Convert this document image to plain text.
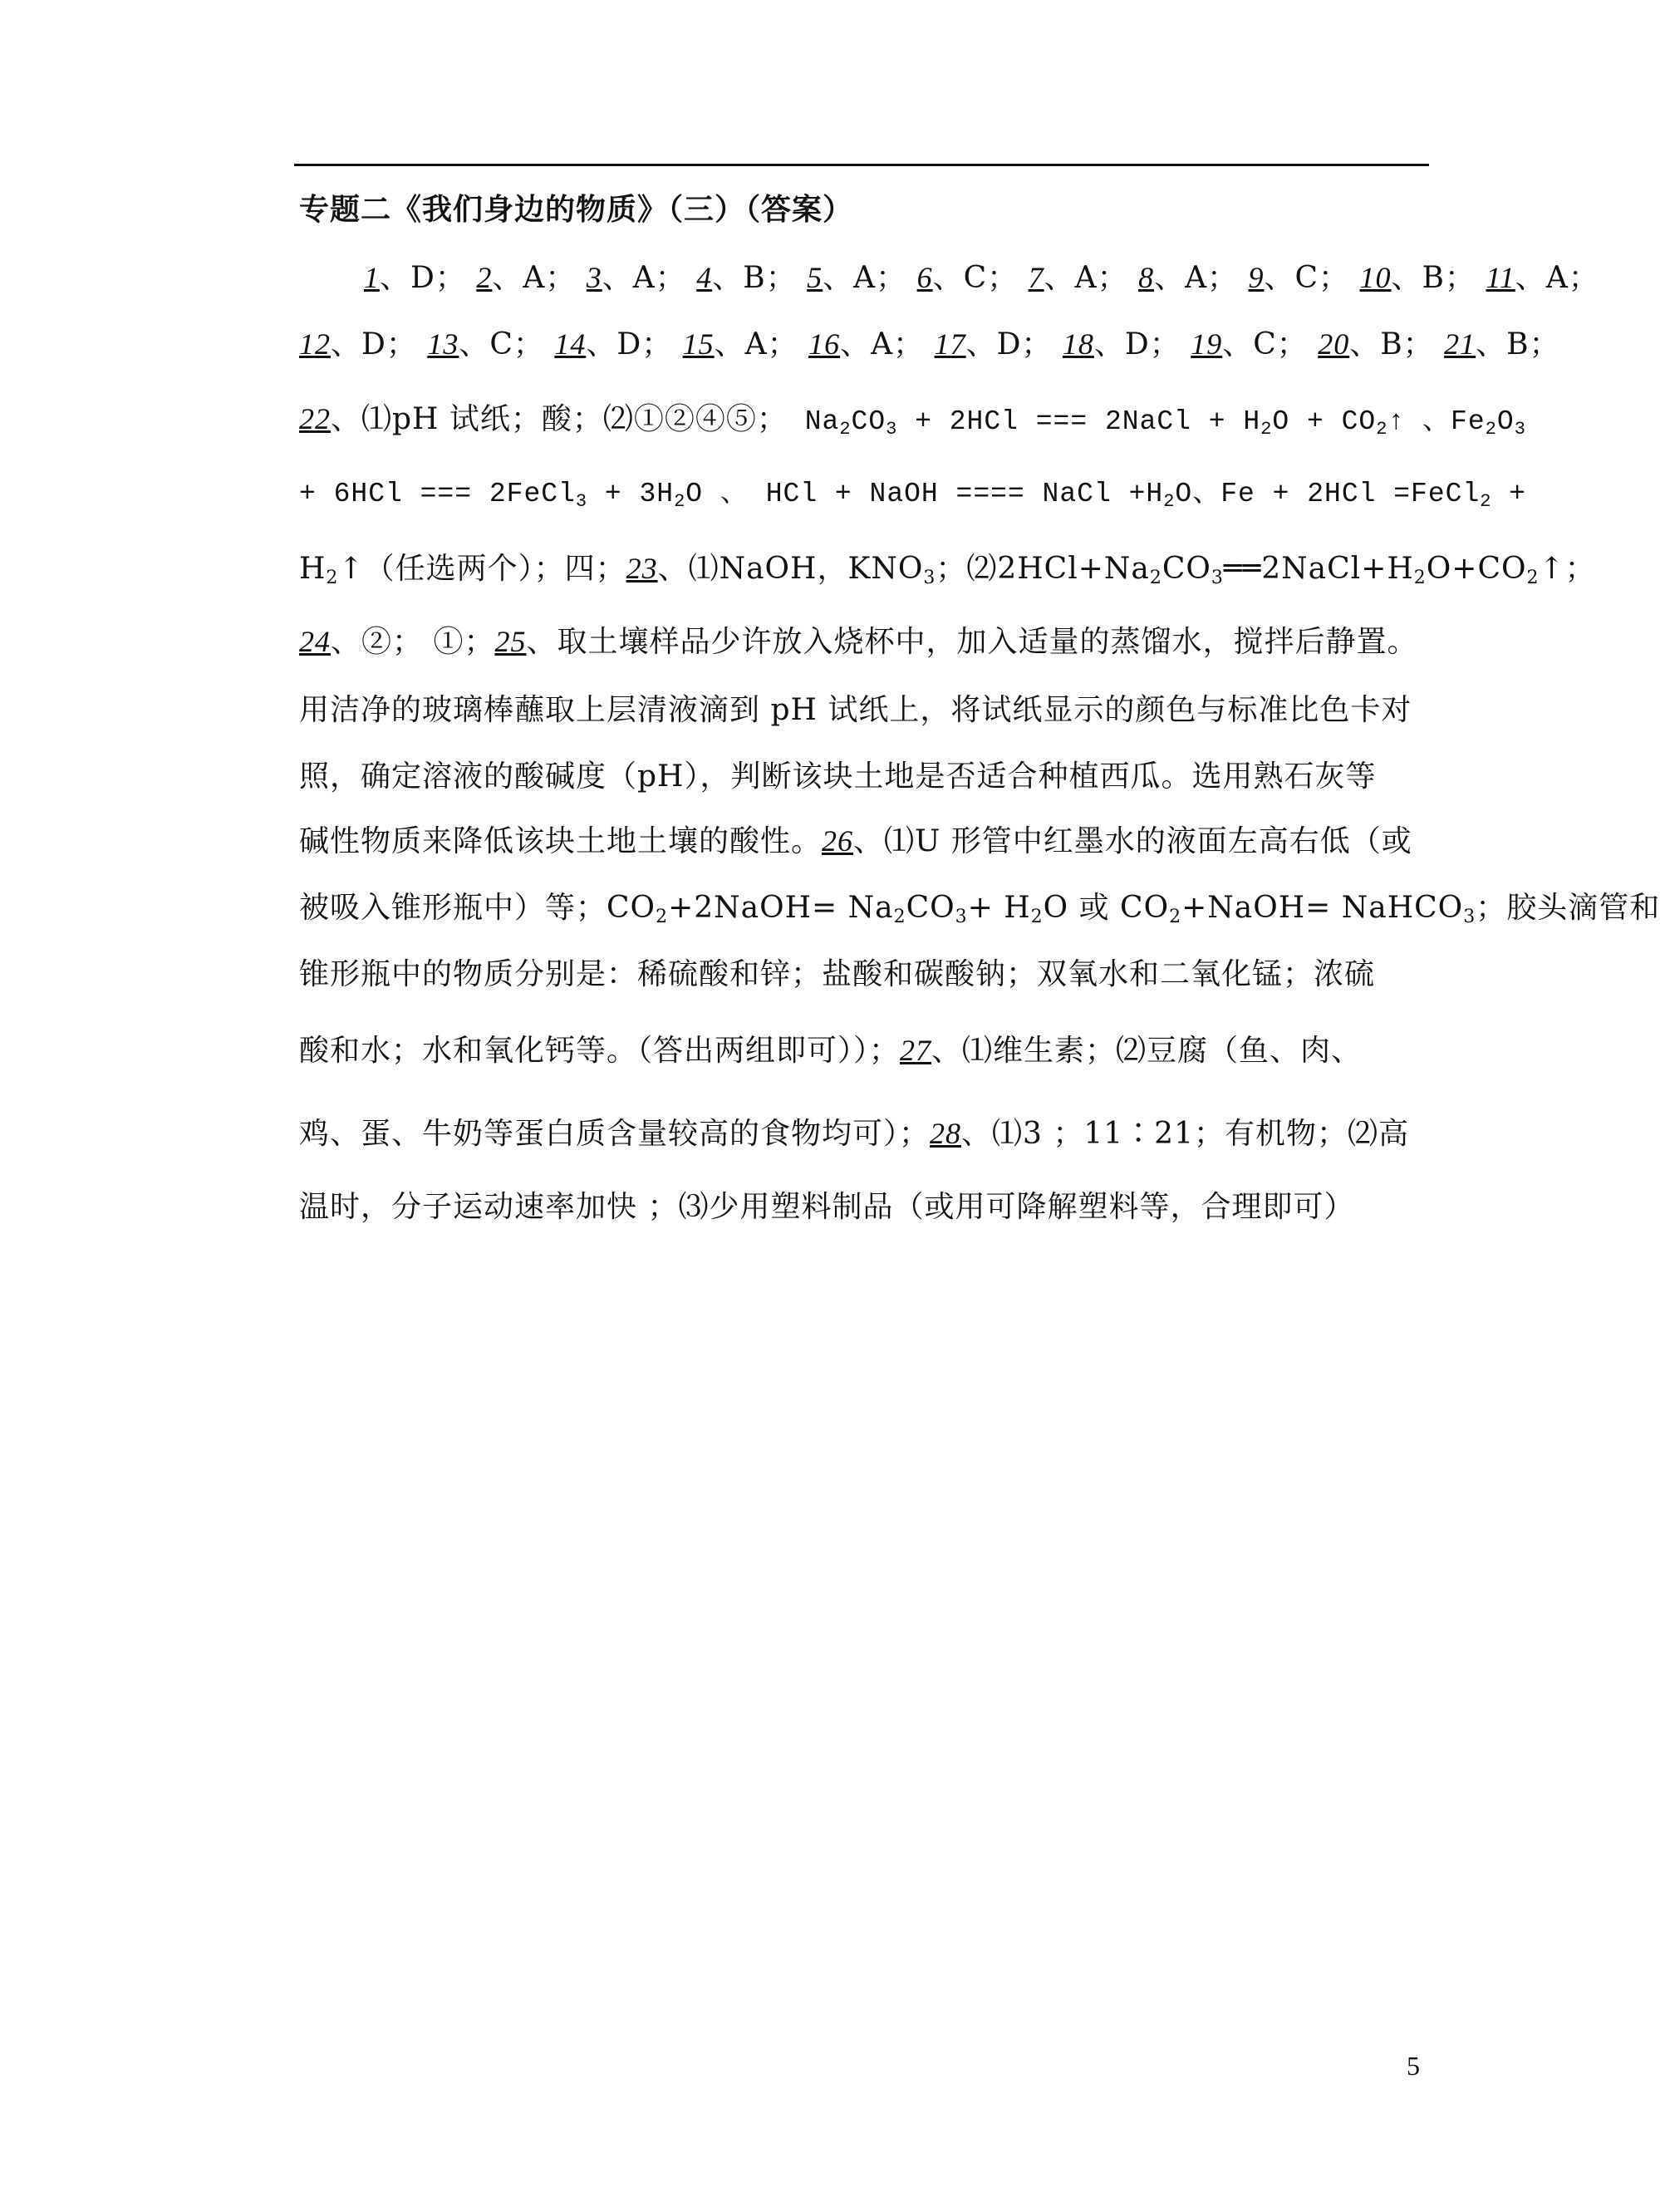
专题二《我们身边的物质》（三）（答案）
1、D； 2、A； 3、A； 4、B； 5、A； 6、C； 7、A； 8、A； 9、C； 10、B； 11、A；
12、D； 13、C； 14、D； 15、A； 16、A； 17、D； 18、D； 19、C； 20、B； 21、B；
22、⑴pH 试纸；酸；⑵①②④⑤； $Na_2CO_3 + 2HCl$ === 2NaCl + $H_2O$ + $CO_2↑$ 、$Fe_2O_3$
+ 6HCl === 2FeCl$_3$ + $3H_2O$ 、 HCl + NaOH ==== NaCl $+H_2O$、Fe + 2HCl =FeCl$_2$ +
$H_2↑$（任选两个）；四；23、⑴NaOH，$KNO_3$；$⑵2HCl+Na_2CO_3══2NaCl+H_2O+CO_2↑$；
24、②； ①；25、取土壤样品少许放入烧杯中，加入适量的蒸馏水，搅拌后静置。
用洁净的玻璃棒蘸取上层清液滴到 pH 试纸上，将试纸显示的颜色与标准比色卡对
照，确定溶液的酸碱度（pH），判断该块土地是否适合种植西瓜。选用熟石灰等
碱性物质来降低该块土地土壤的酸性。26、⑴U 形管中红墨水的液面左高右低（或
被吸入锥形瓶中）等；$CO_2+2NaOH= Na_2CO_3+ H_2O$ 或 $CO_2+NaOH=$ NaHCO$_3$；胶头滴管和
锥形瓶中的物质分别是：稀硫酸和锌；盐酸和碳酸钠；双氧水和二氧化锰；浓硫
酸和水；水和氧化钙等。（答出两组即可））；27、⑴维生素；⑵豆腐（鱼、肉、
鸡、蛋、牛奶等蛋白质含量较高的食物均可）；28、⑴3 ；11∶21；有机物；⑵高
温时，分子运动速率加快 ；⑶少用塑料制品（或用可降解塑料等，合理即可）
5
